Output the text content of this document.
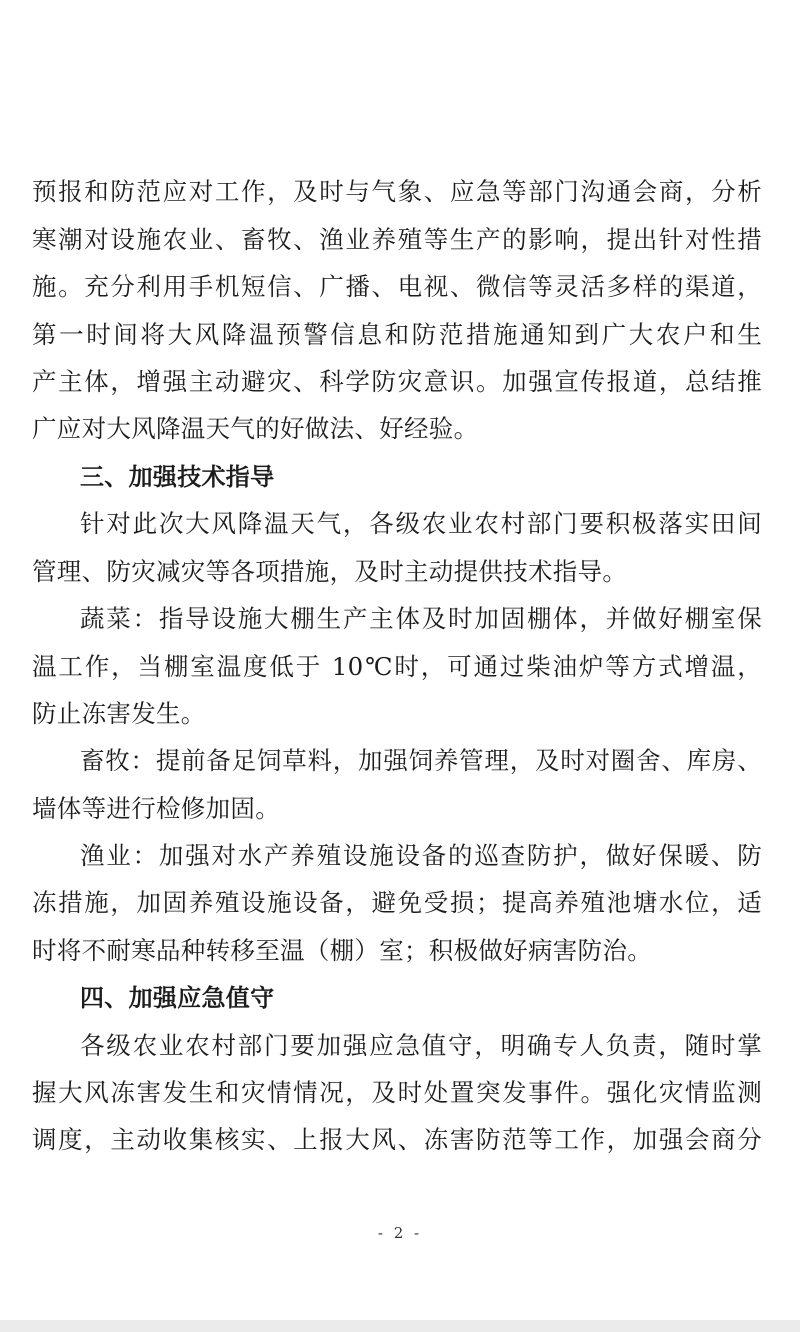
预报和防范应对工作，及时与气象、应急等部门沟通会商，分析
寒潮对设施农业、畜牧、渔业养殖等生产的影响，提出针对性措
施。充分利用手机短信、广播、电视、微信等灵活多样的渠道，
第一时间将大风降温预警信息和防范措施通知到广大农户和生
产主体，增强主动避灾、科学防灾意识。加强宣传报道，总结推
广应对大风降温天气的好做法、好经验。
三、加强技术指导
针对此次大风降温天气，各级农业农村部门要积极落实田间
管理、防灾减灾等各项措施，及时主动提供技术指导。
蔬菜：指导设施大棚生产主体及时加固棚体，并做好棚室保
温工作，当棚室温度低于 10℃时，可通过柴油炉等方式增温，
防止冻害发生。
畜牧：提前备足饲草料，加强饲养管理，及时对圈舍、库房、
墙体等进行检修加固。
渔业：加强对水产养殖设施设备的巡查防护，做好保暖、防
冻措施，加固养殖设施设备，避免受损；提高养殖池塘水位，适
时将不耐寒品种转移至温（棚）室；积极做好病害防治。
四、加强应急值守
各级农业农村部门要加强应急值守，明确专人负责，随时掌
握大风冻害发生和灾情情况，及时处置突发事件。强化灾情监测
调度，主动收集核实、上报大风、冻害防范等工作，加强会商分
- 2 -
